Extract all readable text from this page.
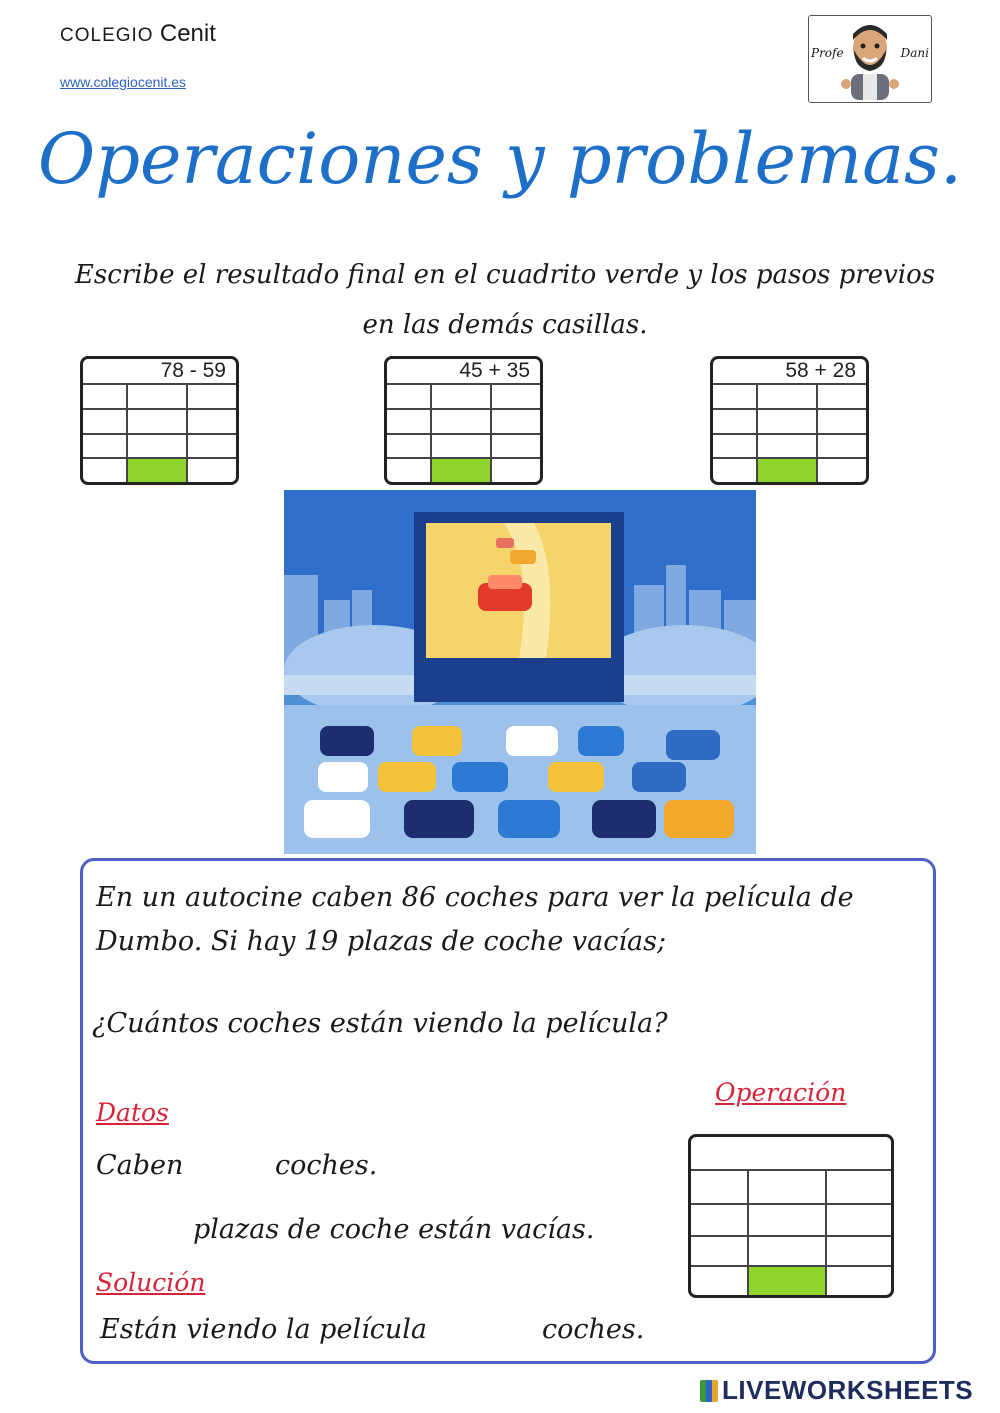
COLEGIO Cenit
www.colegiocenit.es
Profe	Dani
Operaciones y problemas.
Escribe el resultado final en el cuadrito verde y los pasos previos en las demás casillas.
78 - 59	45 + 35	58 + 28
En un autocine caben 86 coches para ver la película de
Dumbo. Si hay 19 plazas de coche vacías;
¿Cuántos coches están viendo la película?
Operación
Datos
Caben	coches.
plazas de coche están vacías.
Solución
Están viendo la película	coches.
LIVEWORKSHEETS
